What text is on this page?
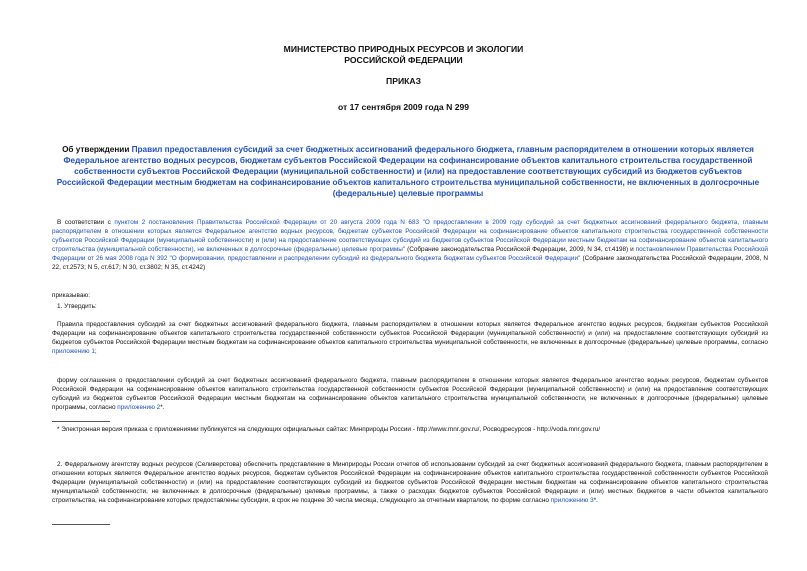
МИНИСТЕРСТВО ПРИРОДНЫХ РЕСУРСОВ И ЭКОЛОГИИ
РОССИЙСКОЙ ФЕДЕРАЦИИ
ПРИКАЗ
от 17 сентября 2009 года N 299
Об утверждении Правил предоставления субсидий за счет бюджетных ассигнований федерального бюджета, главным распорядителем в отношении которых является Федеральное агентство водных ресурсов, бюджетам субъектов Российской Федерации на софинансирование объектов капитального строительства государственной собственности субъектов Российской Федерации (муниципальной собственности) и (или) на предоставление соответствующих субсидий из бюджетов субъектов Российской Федерации местным бюджетам на софинансирование объектов капитального строительства муниципальной собственности, не включенных в долгосрочные (федеральные) целевые программы
В соответствии с пунктом 2 постановления Правительства Российской Федерации от 20 августа 2009 года N 683 "О предоставлении в 2009 году субсидий за счет бюджетных ассигнований федерального бюджета, главным распорядителем в отношении которых является Федеральное агентство водных ресурсов, бюджетам субъектов Российской Федерации на софинансирование объектов капитального строительства государственной собственности субъектов Российской Федерации (муниципальной собственности) и (или) на предоставление соответствующих субсидий из бюджетов субъектов Российской Федерации местным бюджетам на софинансирование объектов капитального строительства (муниципальной собственности), не включенных в долгосрочные (федеральные) целевые программы" (Собрание законодательства Российской Федерации, 2009, N 34, ст.4198) и постановлением Правительства Российской Федерации от 26 мая 2008 года N 392 "О формировании, предоставлении и распределении субсидий из федерального бюджета бюджетам субъектов Российской Федерации" (Собрание законодательства Российской Федерации, 2008, N 22, ст.2573; N 5, ст.617; N 30, ст.3802; N 35, ст.4242)
приказываю:
1. Утвердить:
Правила предоставления субсидий за счет бюджетных ассигнований федерального бюджета, главным распорядителем в отношении которых является Федеральное агентство водных ресурсов, бюджетам субъектов Российской Федерации на софинансирование объектов капитального строительства государственной собственности субъектов Российской Федерации (муниципальной собственности) и (или) на предоставление соответствующих субсидий из бюджетов субъектов Российской Федерации местным бюджетам на софинансирование объектов капитального строительства муниципальной собственности, не включенных в долгосрочные (федеральные) целевые программы, согласно приложению 1;
форму соглашения о предоставлении субсидий за счет бюджетных ассигнований федерального бюджета, главным распорядителем в отношении которых является Федеральное агентство водных ресурсов, бюджетам субъектов Российской Федерации на софинансирование объектов капитального строительства государственной собственности субъектов Российской Федерации (муниципальной собственности) и (или) на предоставление соответствующих субсидий из бюджетов субъектов Российской Федерации местным бюджетам на софинансирование объектов капитального строительства муниципальной собственности, не включенных в долгосрочные (федеральные) целевые программы, согласно приложению 2*.
* Электронная версия приказа с приложениями публикуется на следующих официальных сайтах: Минприроды России - http://www.mnr.gov.ru/, Росводресурсов - http://voda.mnr.gov.ru/
2. Федеральному агентству водных ресурсов (Селиверстова) обеспечить представление в Минприроды России отчетов об использовании субсидий за счет бюджетных ассигнований федерального бюджета, главным распорядителем в отношении которых является Федеральное агентство водных ресурсов, бюджетам субъектов Российской Федерации на софинансирование объектов капитального строительства государственной собственности субъектов Российской Федерации (муниципальной собственности) и (или) на предоставление соответствующих субсидий из бюджетов субъектов Российской Федерации местным бюджетам на софинансирование объектов капитального строительства муниципальной собственности, не включенных в долгосрочные (федеральные) целевые программы, а также о расходах бюджетов субъектов Российской Федерации и (или) местных бюджетов в части объектов капитального строительства, на софинансирование которых предоставлены субсидии, в срок не позднее 30 числа месяца, следующего за отчетным кварталом, по форме согласно приложению 3*.
